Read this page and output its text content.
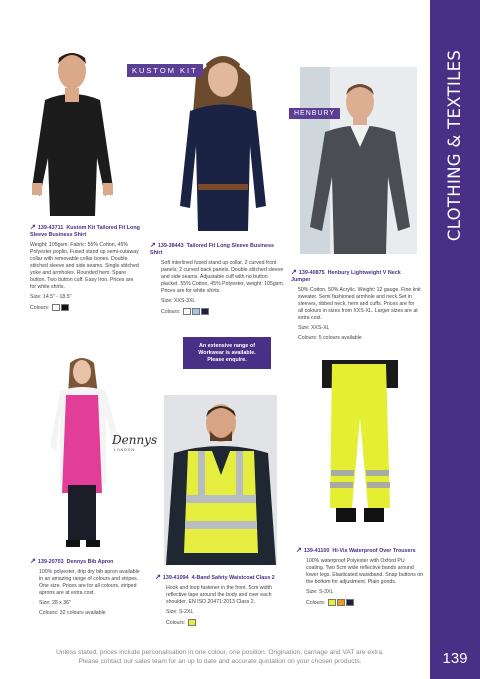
CLOTHING & TEXTILES
139
KUSTOM KIT
HENBURY
↗ 139-43711 Kustom Kit Tailored Fit Long Sleeve Business Shirt

Weight: 105gsm. Fabric: 55% Cotton, 45% Polyester poplin. Fused stand up semi-cutaway collar with removable collar bones. Double stitched sleeve and side seams. Single stitched yoke and armholes. Rounded hem. Spare button. Two button cuff. Easy Iron. Prices are for white shirts.

Size: 14.5" - 18.5"

Colours:

↗ 139-38443 Tailored Fit Long Sleeve Business Shirt

Soft interlined fused stand up collar. 2 curved front panels, 2 curved back panels. Double stitched sleeve and side seams. Adjustable cuff with no button placket. 55% Cotton, 45% Polyester, weight: 105gsm. Prices are for white shirts.

Size: XXS-3XL

Colours:

↗ 139-40875 Henbury Lightweight V Neck Jumper

50% Cotton, 50% Acrylic. Weight: 12 gauge. Fine knit sweater. Semi fashioned armhole and neck.Set in sleeves, ribbed neck, hem and cuffs. Prices are for all colours in sizes from XXS-XL. Larger sizes are at extra cost.

Size: XXS-XL

Colours: 5 colours available

An extensive range of
Workwear is available.
Please enquire.
Dennys
LONDON
↗ 139-20703 Dennys Bib Apron

100% polyester, drip dry bib apron available in an amazing range of colours and stripes. One size. Prices are for all colours, striped aprons are at extra cost.

Size: 28 x 36"

Colours: 32 colours available

↗ 139-41094 4-Band Safety Waistcoat Class 2

Hook and loop fastener in the front. 5cm width reflective tape around the body and over each shoulder. EN ISO 20471:2013 Class 2.

Size: S-2XL

Colours:

↗ 139-41100 Hi-Vis Waterproof Over Trousers

100% waterproof Polyester with Oxford PU coating. Two 5cm wide reflective bands around lower legs. Elasticated waistband. Snap buttons on the bottom for adjustment. Plain goods.

Size: S-3XL

Colours:

Unless stated, prices include personalisation in one colour, one position. Origination, carriage and VAT are extra.
Please contact our sales team for an up to date and accurate quotation on your chosen products.
